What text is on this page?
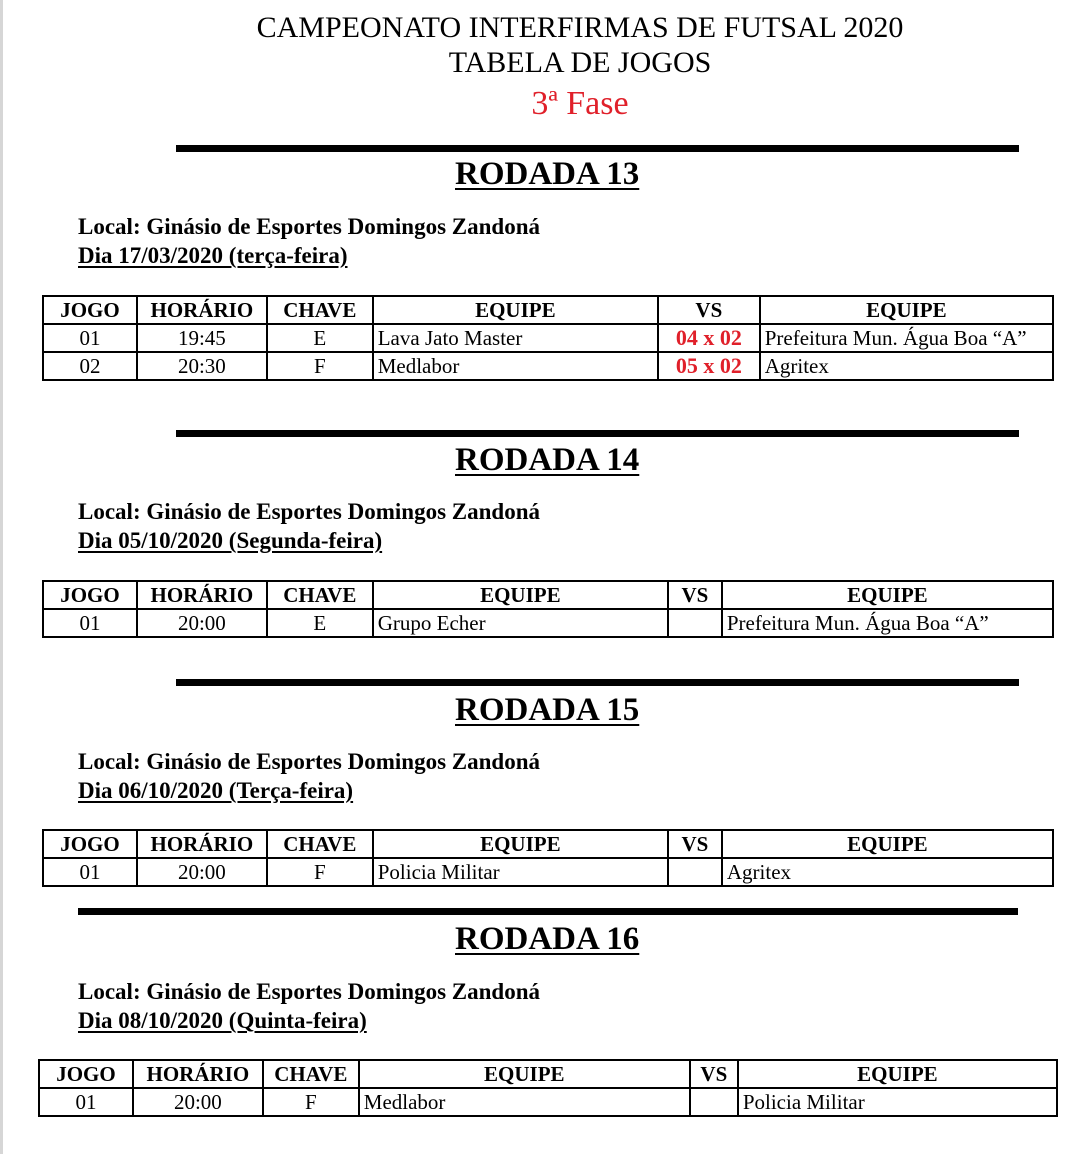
CAMPEONATO INTERFIRMAS DE FUTSAL 2020
TABELA DE JOGOS
3ª Fase
RODADA 13
Local: Ginásio de Esportes Domingos Zandoná
Dia 17/03/2020 (terça-feira)
JOGO	HORÁRIO	CHAVE	EQUIPE	VS	EQUIPE
01	19:45	E	Lava Jato Master	04 x 02	Prefeitura Mun. Água Boa “A”
02	20:30	F	Medlabor	05 x 02	Agritex
RODADA 14
Local: Ginásio de Esportes Domingos Zandoná
Dia 05/10/2020 (Segunda-feira)
JOGO	HORÁRIO	CHAVE	EQUIPE	VS	EQUIPE
01	20:00	E	Grupo Echer		Prefeitura Mun. Água Boa “A”
RODADA 15
Local: Ginásio de Esportes Domingos Zandoná
Dia 06/10/2020 (Terça-feira)
JOGO	HORÁRIO	CHAVE	EQUIPE	VS	EQUIPE
01	20:00	F	Policia Militar		Agritex
RODADA 16
Local: Ginásio de Esportes Domingos Zandoná
Dia 08/10/2020 (Quinta-feira)
JOGO	HORÁRIO	CHAVE	EQUIPE	VS	EQUIPE
01	20:00	F	Medlabor		Policia Militar
